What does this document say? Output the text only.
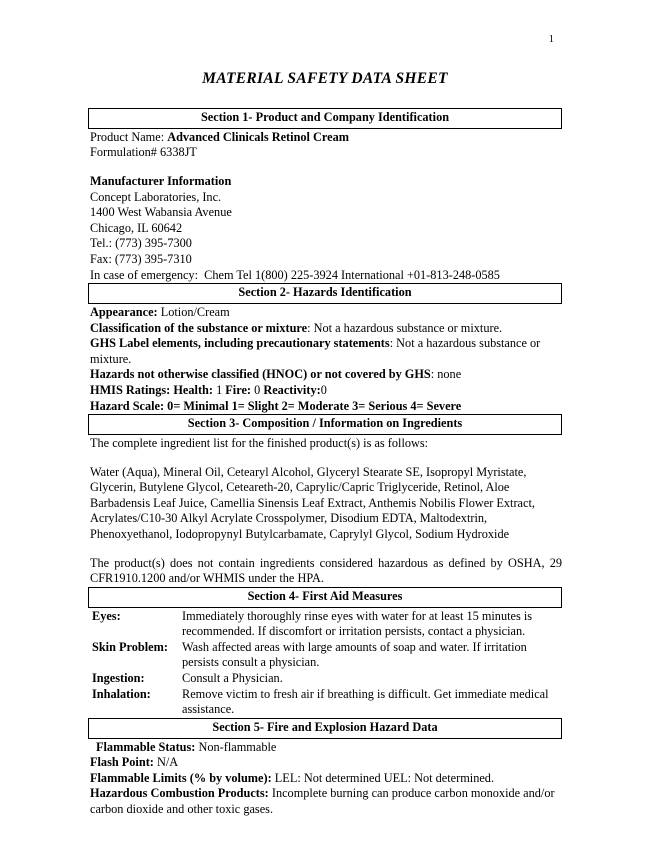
1
MATERIAL SAFETY DATA SHEET
Section 1- Product and Company Identification

Product Name: Advanced Clinicals Retinol Cream

Formulation# 6338JT

Manufacturer Information

Concept Laboratories, Inc.

1400 West Wabansia Avenue

Chicago, IL 60642

Tel.: (773) 395-7300

Fax: (773) 395-7310

In case of emergency: Chem Tel 1(800) 225-3924 International +01-813-248-0585

Section 2- Hazards Identification

Appearance: Lotion/Cream

Classification of the substance or mixture: Not a hazardous substance or mixture.

GHS Label elements, including precautionary statements: Not a hazardous substance or mixture.

Hazards not otherwise classified (HNOC) or not covered by GHS: none

HMIS Ratings: Health: 1 Fire: 0 Reactivity:0

Hazard Scale: 0= Minimal 1= Slight 2= Moderate 3= Serious 4= Severe

Section 3- Composition / Information on Ingredients

The complete ingredient list for the finished product(s) is as follows:

Water (Aqua), Mineral Oil, Cetearyl Alcohol, Glyceryl Stearate SE, Isopropyl Myristate, Glycerin, Butylene Glycol, Ceteareth-20, Caprylic/Capric Triglyceride, Retinol, Aloe Barbadensis Leaf Juice, Camellia Sinensis Leaf Extract, Anthemis Nobilis Flower Extract, Acrylates/C10-30 Alkyl Acrylate Crosspolymer, Disodium EDTA, Maltodextrin, Phenoxyethanol, Iodopropynyl Butylcarbamate, Caprylyl Glycol, Sodium Hydroxide

The product(s) does not contain ingredients considered hazardous as defined by OSHA, 29 CFR1910.1200 and/or WHMIS under the HPA.

Section 4- First Aid Measures
Eyes:	Immediately thoroughly rinse eyes with water for at least 15 minutes is recommended. If discomfort or irritation persists, contact a physician.
Skin Problem:	Wash affected areas with large amounts of soap and water. If irritation persists consult a physician.
Ingestion:	Consult a Physician.
Inhalation:	Remove victim to fresh air if breathing is difficult. Get immediate medical assistance.
Section 5- Fire and Explosion Hazard Data

Flammable Status: Non-flammable

Flash Point: N/A

Flammable Limits (% by volume): LEL: Not determined UEL: Not determined.

Hazardous Combustion Products: Incomplete burning can produce carbon monoxide and/or carbon dioxide and other toxic gases.
